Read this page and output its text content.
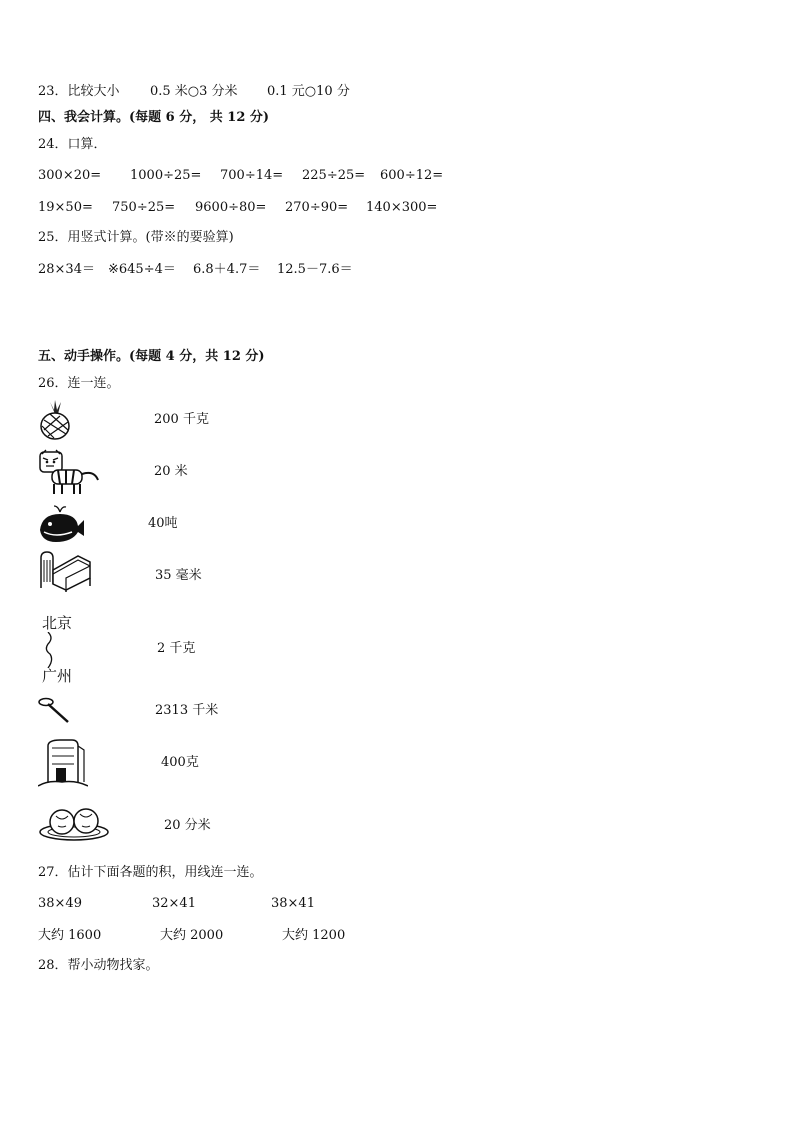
23．比较大小 0.5 米○3 分米 0.1 元○10 分
四、我会计算。(每题 6 分， 共 12 分)
24．口算．
300×20= 1000÷25= 700÷14= 225÷25= 600÷12=
19×50= 750÷25= 9600÷80= 270÷90= 140×300=
25．用竖式计算。(带※的要验算)
28×34＝ ※645÷4＝ 6.8＋4.7＝ 12.5－7.6＝
五、动手操作。(每题 4 分，共 12 分)
26．连一连。
200 千克
20 米
40吨
35 毫米
北京
广州
2 千克
2313 千米
400克
20 分米
27．估计下面各题的积，用线连一连。
38×49	32×41	38×41
大约 1600	大约 2000	大约 1200
28．帮小动物找家。
